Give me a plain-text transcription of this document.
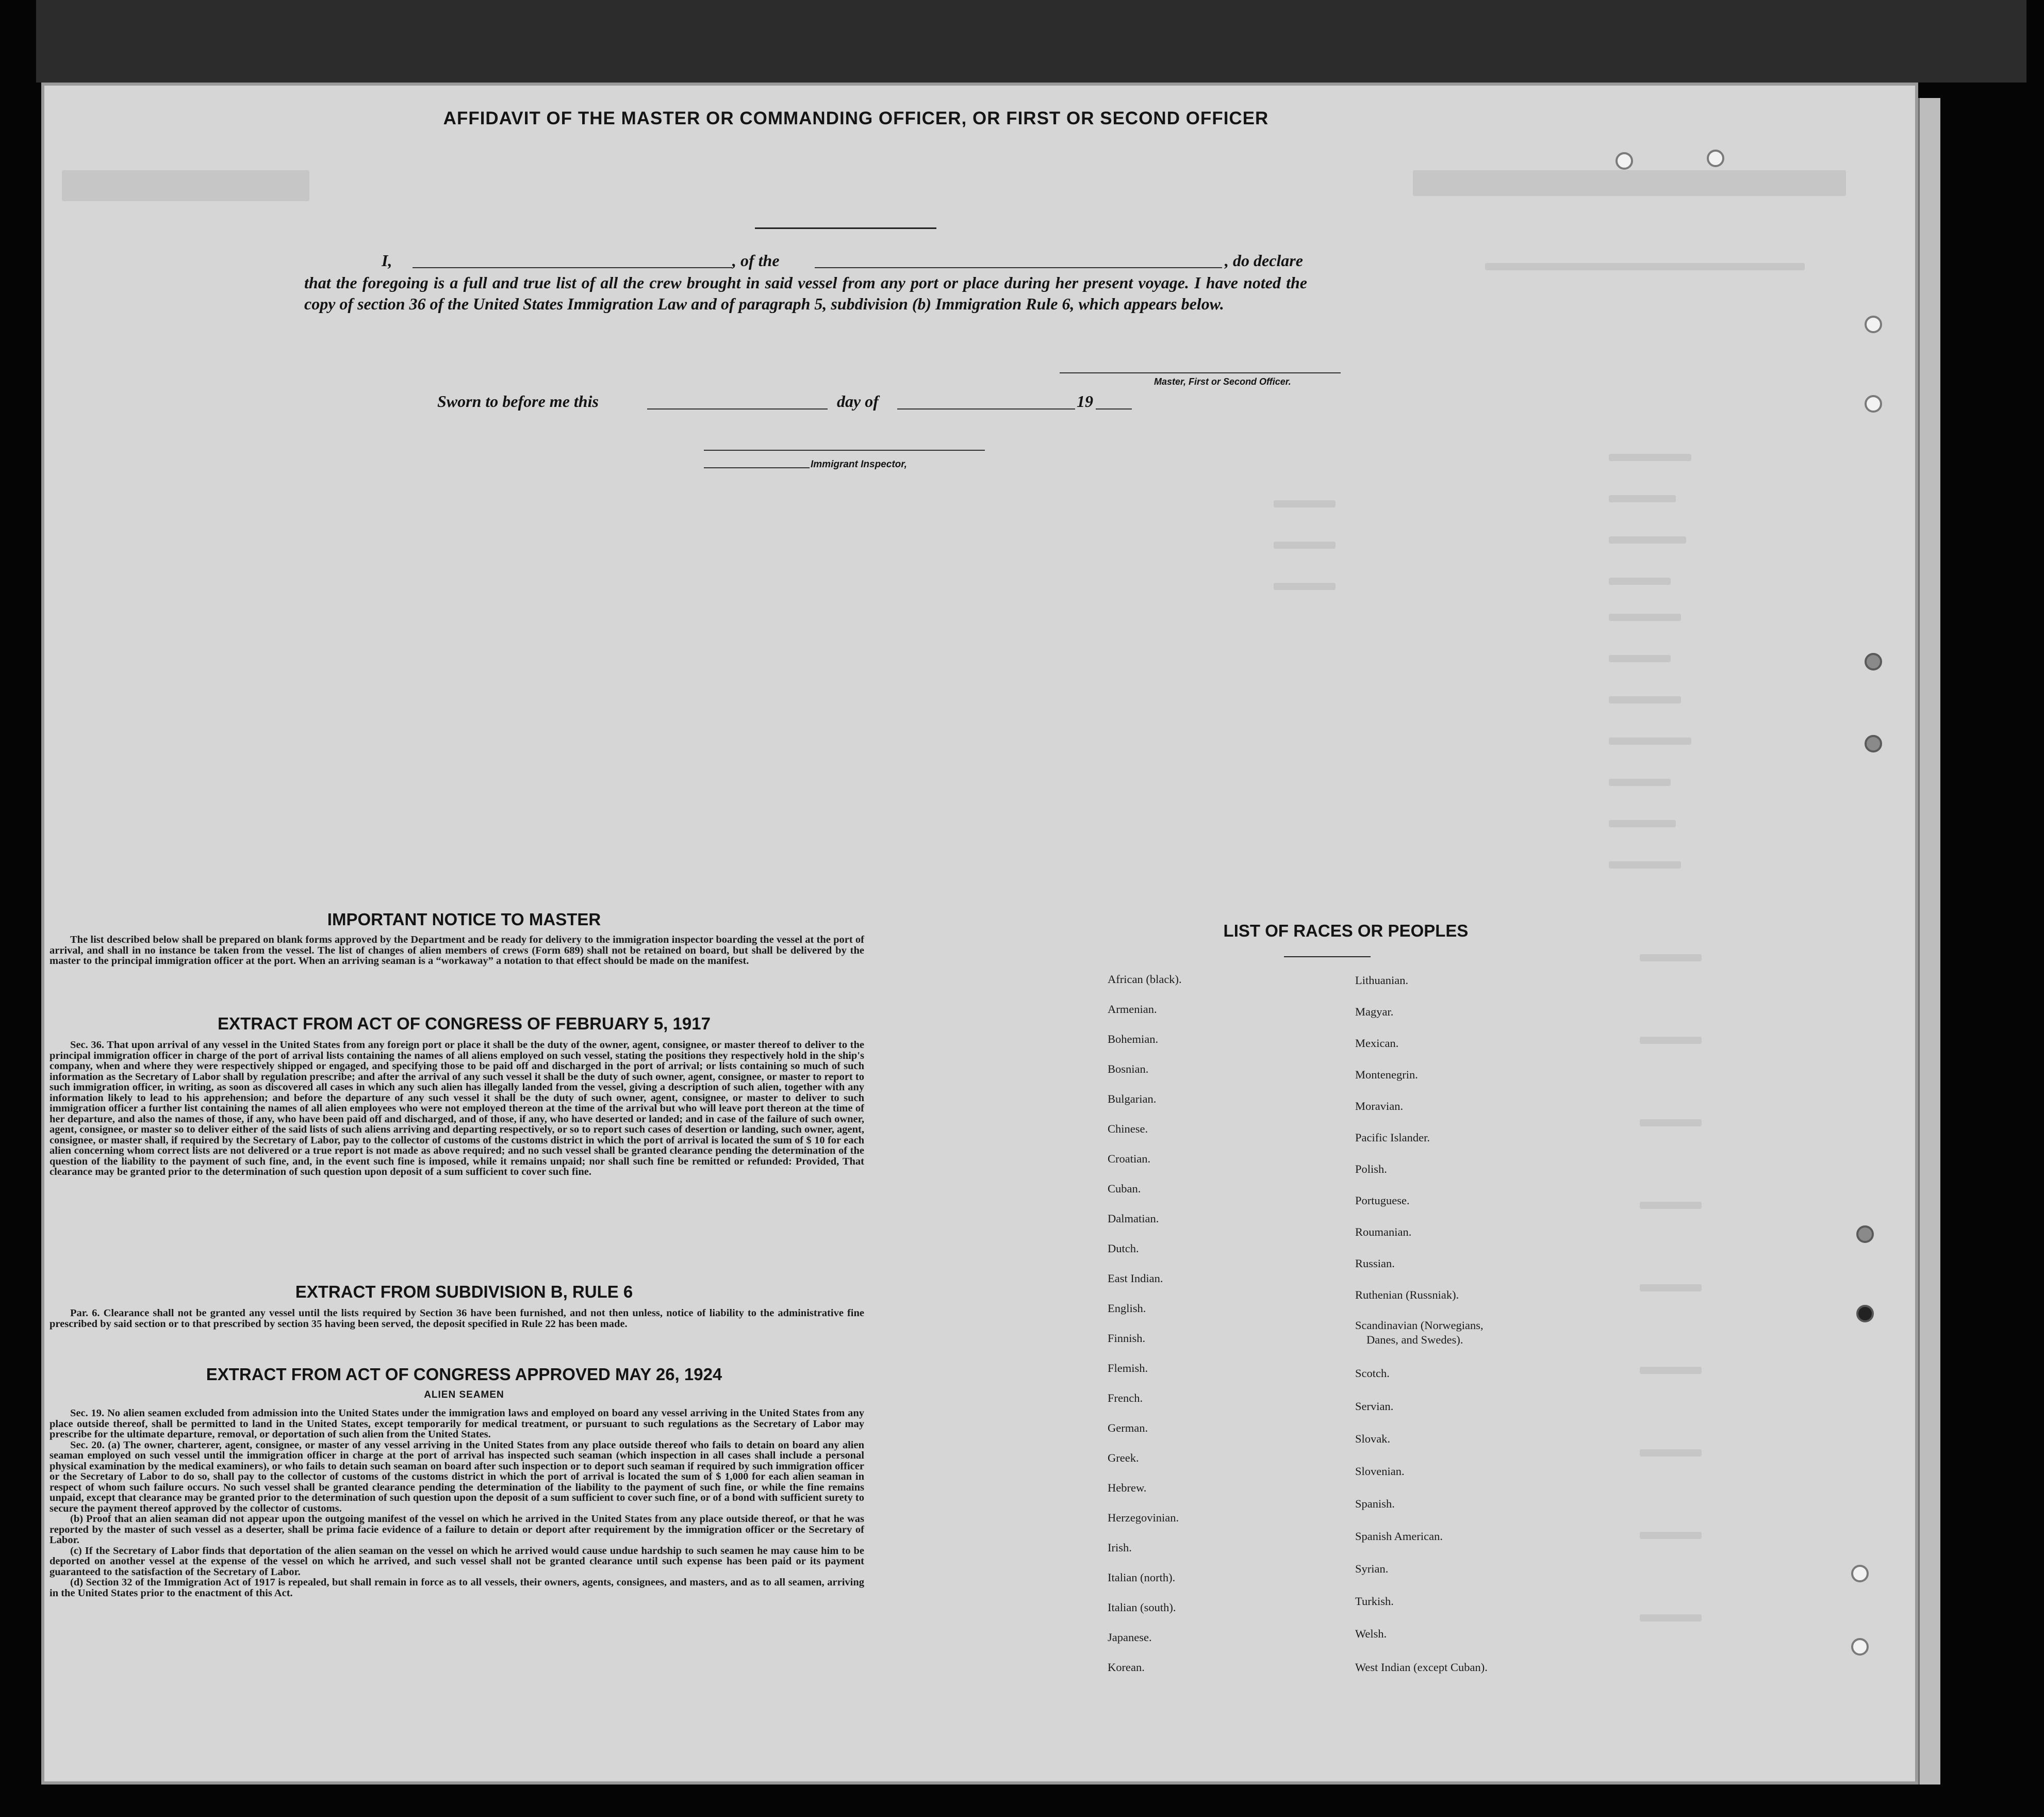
AFFIDAVIT OF THE MASTER OR COMMANDING OFFICER, OR FIRST OR SECOND OFFICER
I,	, of the	, do declare
that the foregoing is a full and true list of all the crew brought in said vessel from any port or place during her present voyage. I have noted the copy of section 36 of the United States Immigration Law and of paragraph 5, subdivision (b) Immigration Rule 6, which appears below.
Master, First or Second Officer.
Sworn to before me this	day of	19
Immigrant Inspector,
IMPORTANT NOTICE TO MASTER

The list described below shall be prepared on blank forms approved by the Department and be ready for delivery to the immigration inspector boarding the vessel at the port of arrival, and shall in no instance be taken from the vessel. The list of changes of alien members of crews (Form 689) shall not be retained on board, but shall be delivered by the master to the principal immigration officer at the port. When an arriving seaman is a “workaway” a notation to that effect should be made on the manifest.

EXTRACT FROM ACT OF CONGRESS OF FEBRUARY 5, 1917

Sec. 36. That upon arrival of any vessel in the United States from any foreign port or place it shall be the duty of the owner, agent, consignee, or master thereof to deliver to the principal immigration officer in charge of the port of arrival lists containing the names of all aliens employed on such vessel, stating the positions they respectively hold in the ship's company, when and where they were respectively shipped or engaged, and specifying those to be paid off and discharged in the port of arrival; or lists containing so much of such information as the Secretary of Labor shall by regulation prescribe; and after the arrival of any such vessel it shall be the duty of such owner, agent, consignee, or master to report to such immigration officer, in writing, as soon as discovered all cases in which any such alien has illegally landed from the vessel, giving a description of such alien, together with any information likely to lead to his apprehension; and before the departure of any such vessel it shall be the duty of such owner, agent, consignee, or master to deliver to such immigration officer a further list containing the names of all alien employees who were not employed thereon at the time of the arrival but who will leave port thereon at the time of her departure, and also the names of those, if any, who have been paid off and discharged, and of those, if any, who have deserted or landed; and in case of the failure of such owner, agent, consignee, or master so to deliver either of the said lists of such aliens arriving and departing respectively, or so to report such cases of desertion or landing, such owner, agent, consignee, or master shall, if required by the Secretary of Labor, pay to the collector of customs of the customs district in which the port of arrival is located the sum of $ 10 for each alien concerning whom correct lists are not delivered or a true report is not made as above required; and no such vessel shall be granted clearance pending the determination of the question of the liability to the payment of such fine, and, in the event such fine is imposed, while it remains unpaid; nor shall such fine be remitted or refunded: Provided, That clearance may be granted prior to the determination of such question upon deposit of a sum sufficient to cover such fine.

EXTRACT FROM SUBDIVISION B, RULE 6

Par. 6. Clearance shall not be granted any vessel until the lists required by Section 36 have been furnished, and not then unless, notice of liability to the administrative fine prescribed by said section or to that prescribed by section 35 having been served, the deposit specified in Rule 22 has been made.

EXTRACT FROM ACT OF CONGRESS APPROVED MAY 26, 1924
ALIEN SEAMEN

Sec. 19. No alien seamen excluded from admission into the United States under the immigration laws and employed on board any vessel arriving in the United States from any place outside thereof, shall be permitted to land in the United States, except temporarily for medical treatment, or pursuant to such regulations as the Secretary of Labor may prescribe for the ultimate departure, removal, or deportation of such alien from the United States.

Sec. 20. (a) The owner, charterer, agent, consignee, or master of any vessel arriving in the United States from any place outside thereof who fails to detain on board any alien seaman employed on such vessel until the immigration officer in charge at the port of arrival has inspected such seaman (which inspection in all cases shall include a personal physical examination by the medical examiners), or who fails to detain such seaman on board after such inspection or to deport such seaman if required by such immigration officer or the Secretary of Labor to do so, shall pay to the collector of customs of the customs district in which the port of arrival is located the sum of $ 1,000 for each alien seaman in respect of whom such failure occurs. No such vessel shall be granted clearance pending the determination of the liability to the payment of such fine, or while the fine remains unpaid, except that clearance may be granted prior to the determination of such question upon the deposit of a sum sufficient to cover such fine, or of a bond with sufficient surety to secure the payment thereof approved by the collector of customs.

(b) Proof that an alien seaman did not appear upon the outgoing manifest of the vessel on which he arrived in the United States from any place outside thereof, or that he was reported by the master of such vessel as a deserter, shall be prima facie evidence of a failure to detain or deport after requirement by the immigration officer or the Secretary of Labor.

(c) If the Secretary of Labor finds that deportation of the alien seaman on the vessel on which he arrived would cause undue hardship to such seamen he may cause him to be deported on another vessel at the expense of the vessel on which he arrived, and such vessel shall not be granted clearance until such expense has been paid or its payment guaranteed to the satisfaction of the Secretary of Labor.

(d) Section 32 of the Immigration Act of 1917 is repealed, but shall remain in force as to all vessels, their owners, agents, consignees, and masters, and as to all seamen, arriving in the United States prior to the enactment of this Act.

LIST OF RACES OR PEOPLES
African (black).
Armenian.
Bohemian.
Bosnian.
Bulgarian.
Chinese.
Croatian.
Cuban.
Dalmatian.
Dutch.
East Indian.
English.
Finnish.
Flemish.
French.
German.
Greek.
Hebrew.
Herzegovinian.
Irish.
Italian (north).
Italian (south).
Japanese.
Korean.
Lithuanian.
Magyar.
Mexican.
Montenegrin.
Moravian.
Pacific Islander.
Polish.
Portuguese.
Roumanian.
Russian.
Ruthenian (Russniak).
Scandinavian (Norwegians,
Danes, and Swedes).
Scotch.
Servian.
Slovak.
Slovenian.
Spanish.
Spanish American.
Syrian.
Turkish.
Welsh.
West Indian (except Cuban).
